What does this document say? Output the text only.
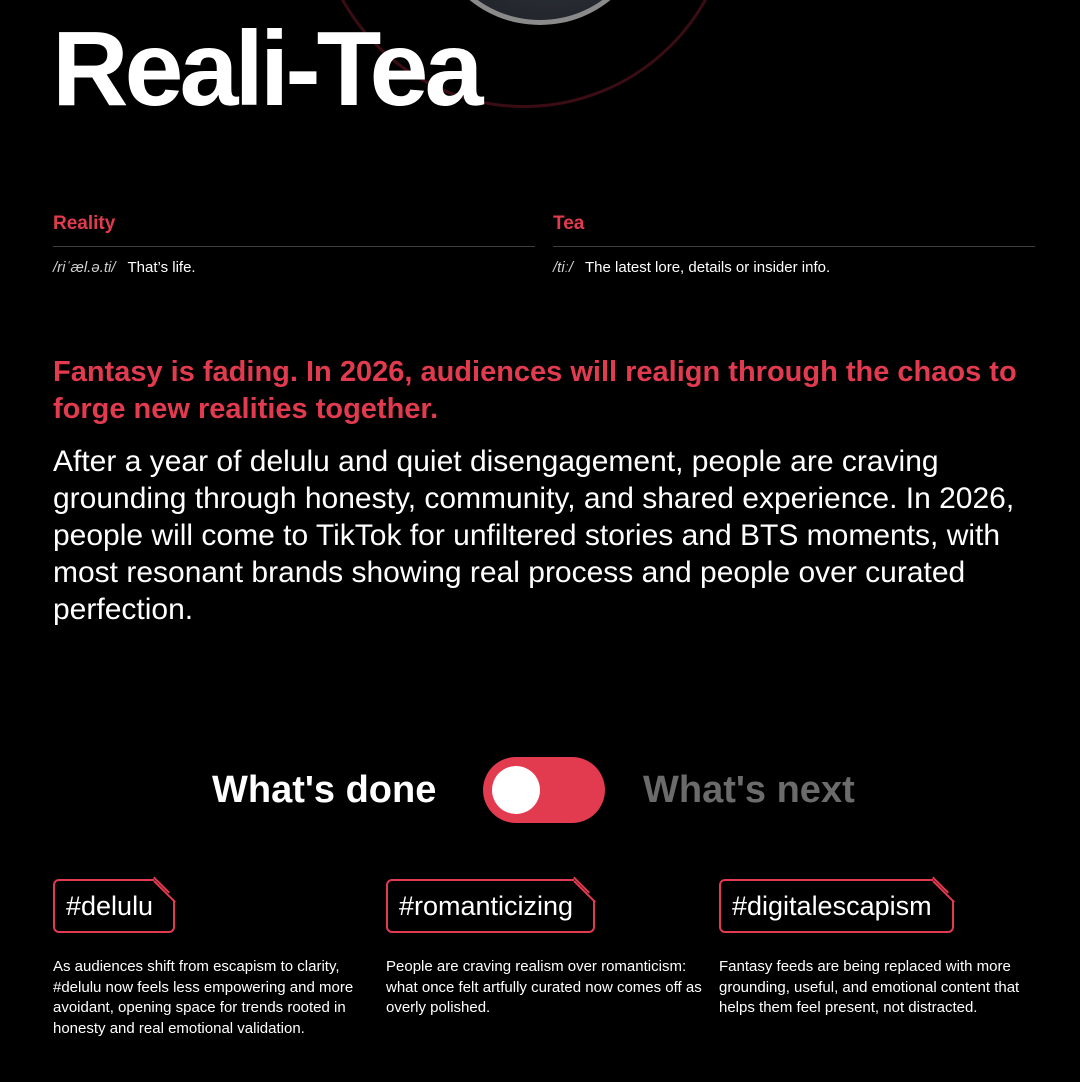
Reali-Tea
Reality
/riˈæl.ə.ti/ That’s life.
Tea
/tiː/ The latest lore, details or insider info.

Fantasy is fading. In 2026, audiences will realign through the chaos to forge new realities together.

After a year of delulu and quiet disengagement, people are craving grounding through honesty, community, and shared experience. In 2026, people will come to TikTok for unfiltered stories and BTS moments, with most resonant brands showing real process and people over curated perfection.

What's done	What's next
#delulu
As audiences shift from escapism to clarity, #delulu now feels less empowering and more avoidant, opening space for trends rooted in honesty and real emotional validation.
#romanticizing
People are craving realism over romanticism: what once felt artfully curated now comes off as overly polished.
#digitalescapism
Fantasy feeds are being replaced with more grounding, useful, and emotional content that helps them feel present, not distracted.
